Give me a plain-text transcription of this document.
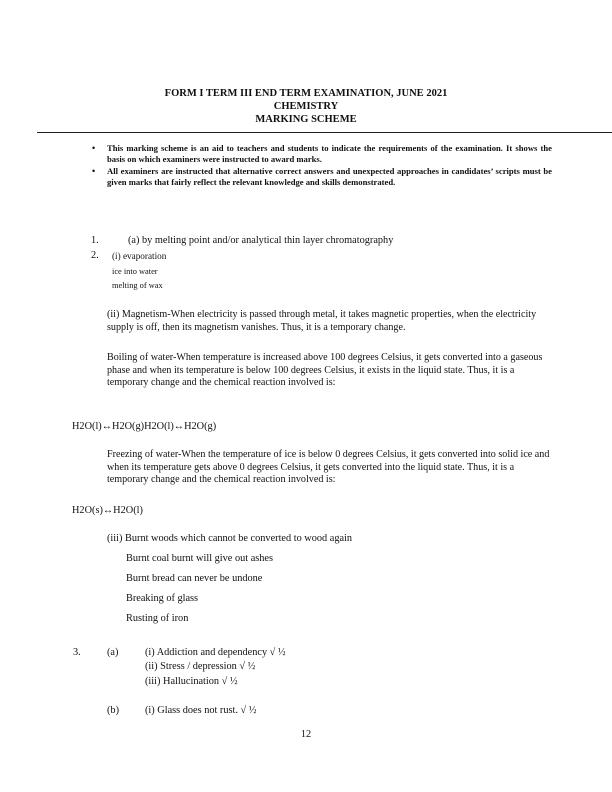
FORM I TERM III END TERM EXAMINATION, JUNE 2021
CHEMISTRY
MARKING SCHEME
• This marking scheme is an aid to teachers and students to indicate the requirements of the examination. It shows the basis on which examiners were instructed to award marks.
• All examiners are instructed that alternative correct answers and unexpected approaches in candidates’ scripts must be given marks that fairly reflect the relevant knowledge and skills demonstrated.
1.	(a) by melting point and/or analytical thin layer chromatography
2. (i) evaporation
ice into water
melting of wax
(ii) Magnetism-When electricity is passed through metal, it takes magnetic properties, when the electricity supply is off, then its magnetism vanishes. Thus, it is a temporary change.
Boiling of water-When temperature is increased above 100 degrees Celsius, it gets converted into a gaseous phase and when its temperature is below 100 degrees Celsius, it exists in the liquid state. Thus, it is a temporary change and the chemical reaction involved is:
H2O(l)↔H2O(g)H2O(l)↔H2O(g)
Freezing of water-When the temperature of ice is below 0 degrees Celsius, it gets converted into solid ice and when its temperature gets above 0 degrees Celsius, it gets converted into the liquid state. Thus, it is a temporary change and the chemical reaction involved is:
H2O(s)↔H2O(l)
(iii) Burnt woods which cannot be converted to wood again
Burnt coal burnt will give out ashes
Burnt bread can never be undone
Breaking of glass
Rusting of iron
3.	(a)	(i) Addiction and dependency √ ½
(ii) Stress / depression √ ½
(iii) Hallucination √ ½
(b)	(i) Glass does not rust. √ ½
12
